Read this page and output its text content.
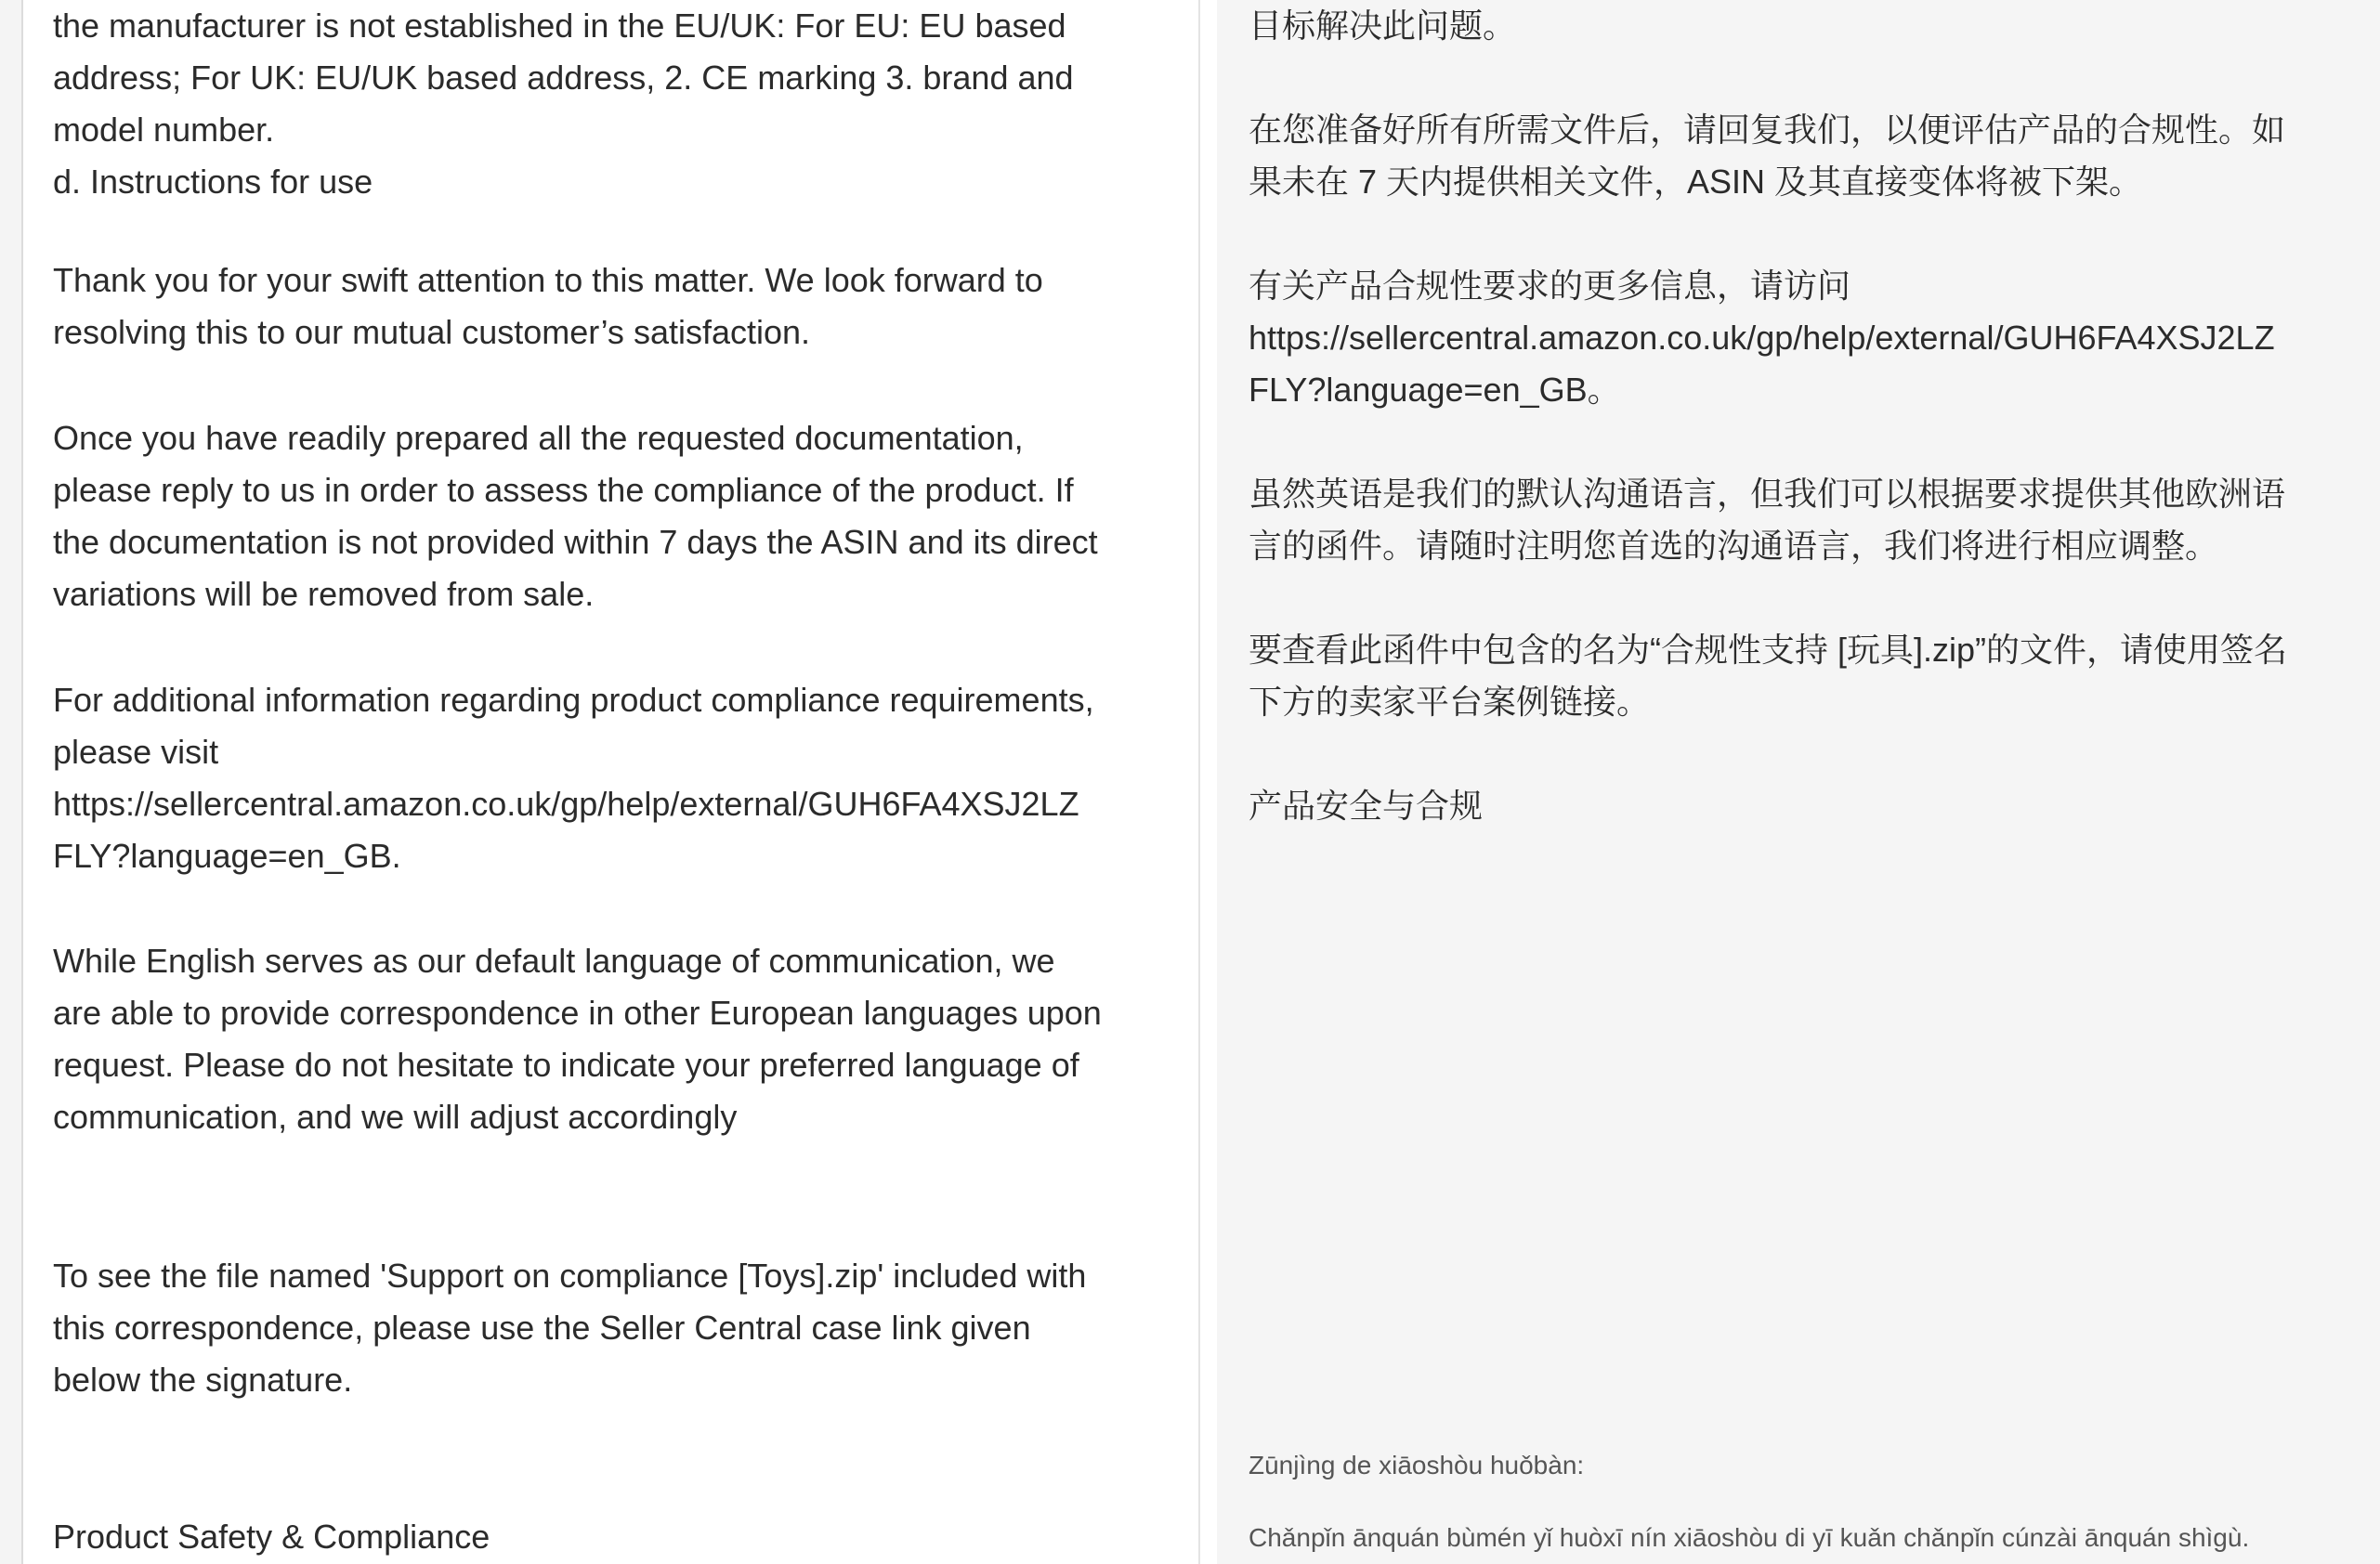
the manufacturer is not established in the EU/UK: For EU: EU based
address; For UK: EU/UK based address, 2. CE marking 3. brand and
model number.
d. Instructions for use

Thank you for your swift attention to this matter. We look forward to
resolving this to our mutual customer’s satisfaction.

Once you have readily prepared all the requested documentation,
please reply to us in order to assess the compliance of the product. If
the documentation is not provided within 7 days the ASIN and its direct
variations will be removed from sale.

For additional information regarding product compliance requirements,
please visit
https://sellercentral.amazon.co.uk/gp/help/external/GUH6FA4XSJ2LZ
FLY?language=en_GB.

While English serves as our default language of communication, we
are able to provide correspondence in other European languages upon
request. Please do not hesitate to indicate your preferred language of
communication, and we will adjust accordingly

To see the file named 'Support on compliance [Toys].zip' included with
this correspondence, please use the Seller Central case link given
below the signature.

Product Safety & Compliance

目标解决此问题。

在您准备好所有所需文件后，请回复我们，以便评估产品的合规性。如
果未在 7 天内提供相关文件，ASIN 及其直接变体将被下架。

有关产品合规性要求的更多信息，请访问
https://sellercentral.amazon.co.uk/gp/help/external/GUH6FA4XSJ2LZ
FLY?language=en_GB。

虽然英语是我们的默认沟通语言，但我们可以根据要求提供其他欧洲语
言的函件。请随时注明您首选的沟通语言，我们将进行相应调整。

要查看此函件中包含的名为“合规性支持 [玩具].zip”的文件，请使用签名
下方的卖家平台案例链接。

产品安全与合规

Zūnjìng de xiāoshòu huǒbàn:

Chǎnpǐn ānquán bùmén yǐ huòxī nín xiāoshòu di yī kuǎn chǎnpǐn cúnzài ānquán shìgù.
